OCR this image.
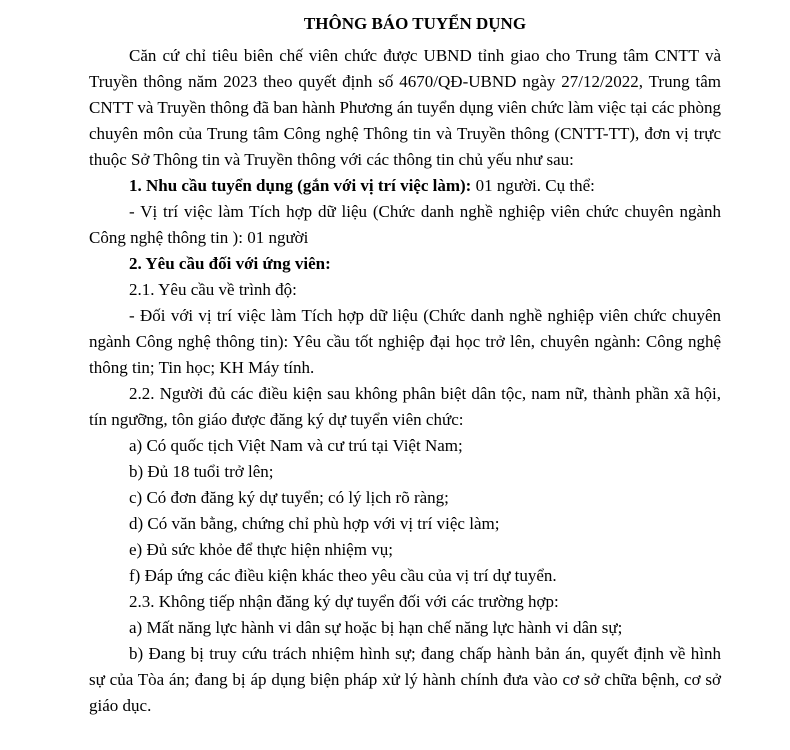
THÔNG BÁO TUYỂN DỤNG

Căn cứ chỉ tiêu biên chế viên chức được UBND tỉnh giao cho Trung tâm CNTT và Truyền thông năm 2023 theo quyết định số 4670/QĐ-UBND ngày 27/12/2022, Trung tâm CNTT và Truyền thông đã ban hành Phương án tuyển dụng viên chức làm việc tại các phòng chuyên môn của Trung tâm Công nghệ Thông tin và Truyền thông (CNTT-TT), đơn vị trực thuộc Sở Thông tin và Truyền thông với các thông tin chủ yếu như sau:

1. Nhu cầu tuyển dụng (gắn với vị trí việc làm): 01 người. Cụ thể:

- Vị trí việc làm Tích hợp dữ liệu (Chức danh nghề nghiệp viên chức chuyên ngành Công nghệ thông tin ): 01 người

2. Yêu cầu đối với ứng viên:

2.1. Yêu cầu về trình độ:

- Đối với vị trí việc làm Tích hợp dữ liệu (Chức danh nghề nghiệp viên chức chuyên ngành Công nghệ thông tin): Yêu cầu tốt nghiệp đại học trở lên, chuyên ngành: Công nghệ thông tin; Tin học; KH Máy tính.

2.2. Người đủ các điều kiện sau không phân biệt dân tộc, nam nữ, thành phần xã hội, tín ngưỡng, tôn giáo được đăng ký dự tuyển viên chức:

a) Có quốc tịch Việt Nam và cư trú tại Việt Nam;

b) Đủ 18 tuổi trở lên;

c) Có đơn đăng ký dự tuyển; có lý lịch rõ ràng;

d) Có văn bằng, chứng chỉ phù hợp với vị trí việc làm;

e) Đủ sức khỏe để thực hiện nhiệm vụ;

f) Đáp ứng các điều kiện khác theo yêu cầu của vị trí dự tuyển.

2.3. Không tiếp nhận đăng ký dự tuyển đối với các trường hợp:

a) Mất năng lực hành vi dân sự hoặc bị hạn chế năng lực hành vi dân sự;

b) Đang bị truy cứu trách nhiệm hình sự; đang chấp hành bản án, quyết định về hình sự của Tòa án; đang bị áp dụng biện pháp xử lý hành chính đưa vào cơ sở chữa bệnh, cơ sở giáo dục.
